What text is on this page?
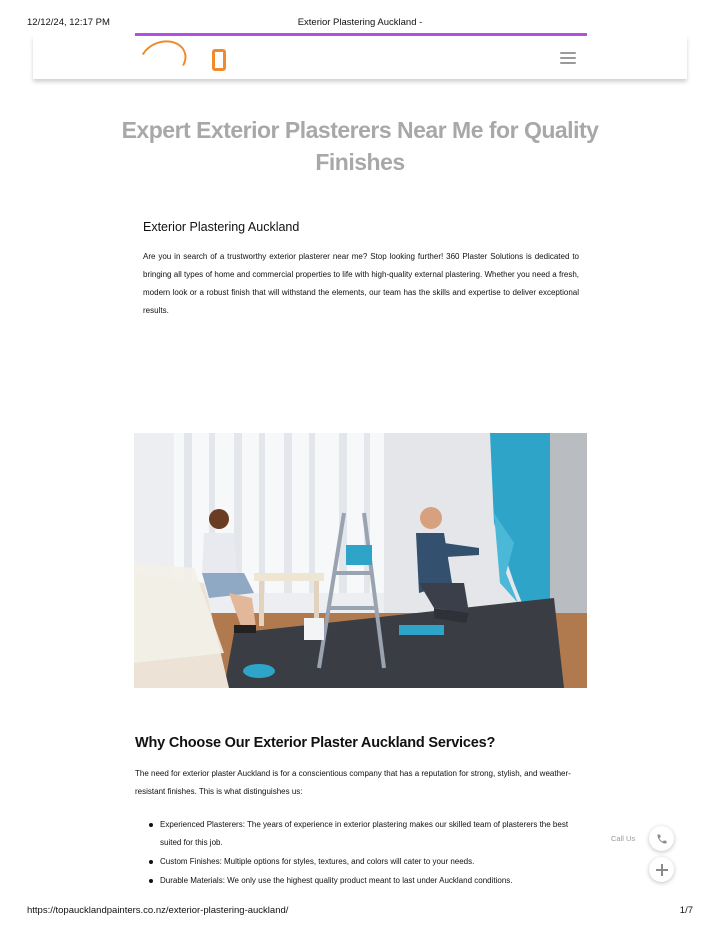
12/12/24, 12:17 PM	Exterior Plastering Auckland -
Expert Exterior Plasterers Near Me for Quality Finishes
Exterior Plastering Auckland

Are you in search of a trustworthy exterior plasterer near me? Stop looking further! 360 Plaster Solutions is dedicated to bringing all types of home and commercial properties to life with high-quality external plastering. Whether you need a fresh, modern look or a robust finish that will withstand the elements, our team has the skills and expertise to deliver exceptional results.

Why Choose Our Exterior Plaster Auckland Services?

The need for exterior plaster Auckland is for a conscientious company that has a reputation for strong, stylish, and weather-resistant finishes. This is what distinguishes us:

Experienced Plasterers: The years of experience in exterior plastering makes our skilled team of plasterers the best suited for this job.
Custom Finishes: Multiple options for styles, textures, and colors will cater to your needs.
Durable Materials: We only use the highest quality product meant to last under Auckland conditions.
Call Us
https://topaucklandpainters.co.nz/exterior-plastering-auckland/	1/7
